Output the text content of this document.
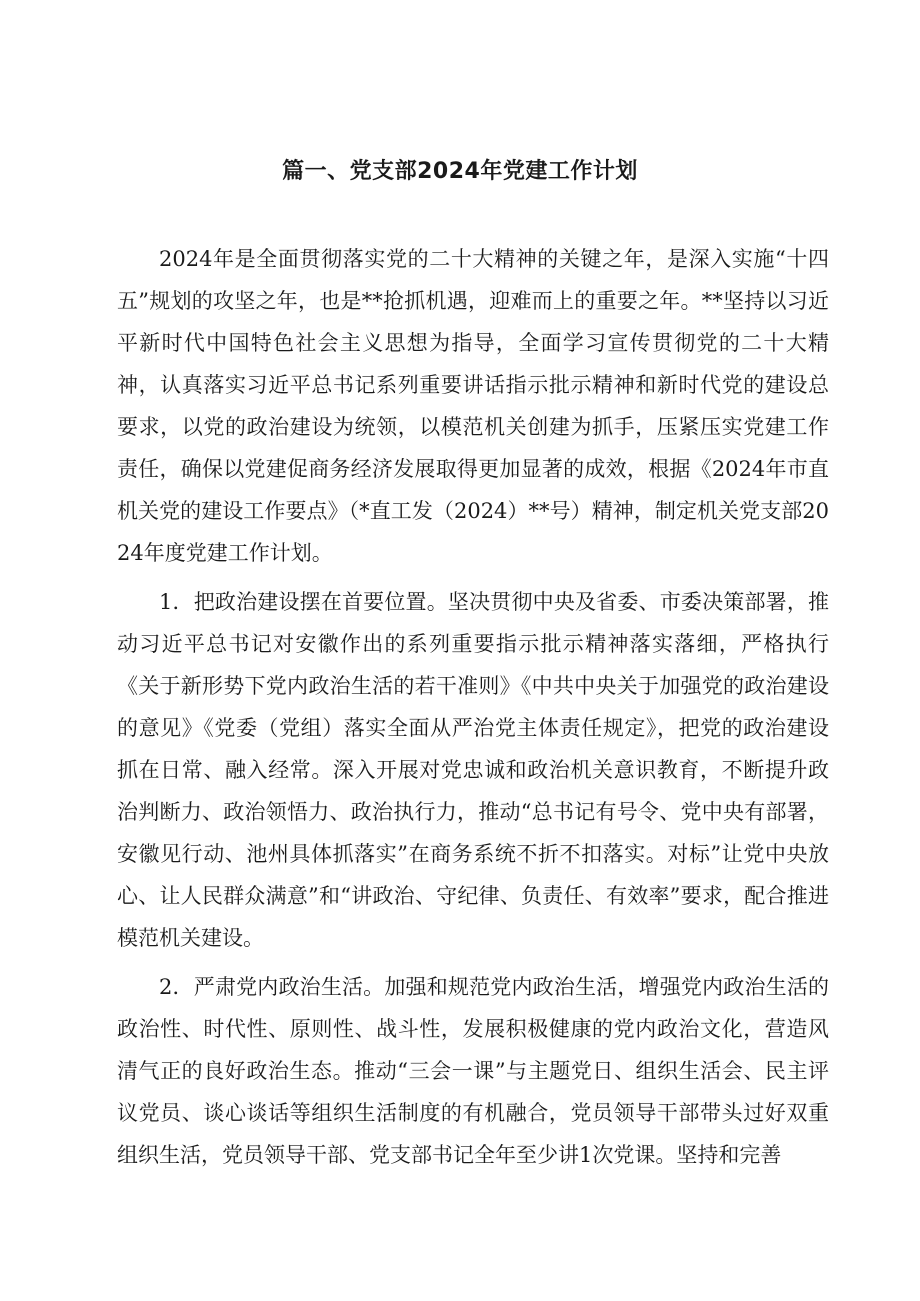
篇一、党支部2024年党建工作计划

2024年是全面贯彻落实党的二十大精神的关键之年，是深入实施“十四五”规划的攻坚之年，也是**抢抓机遇，迎难而上的重要之年。**坚持以习近平新时代中国特色社会主义思想为指导，全面学习宣传贯彻党的二十大精神，认真落实习近平总书记系列重要讲话指示批示精神和新时代党的建设总要求，以党的政治建设为统领，以模范机关创建为抓手，压紧压实党建工作责任，确保以党建促商务经济发展取得更加显著的成效，根据《2024年市直机关党的建设工作要点》（*直工发（2024）**号）精神，制定机关党支部2024年度党建工作计划。

1．把政治建设摆在首要位置。坚决贯彻中央及省委、市委决策部署，推动习近平总书记对安徽作出的系列重要指示批示精神落实落细，严格执行《关于新形势下党内政治生活的若干准则》《中共中央关于加强党的政治建设的意见》《党委（党组）落实全面从严治党主体责任规定》，把党的政治建设抓在日常、融入经常。深入开展对党忠诚和政治机关意识教育，不断提升政治判断力、政治领悟力、政治执行力，推动“总书记有号令、党中央有部署，安徽见行动、池州具体抓落实”在商务系统不折不扣落实。对标”让党中央放心、让人民群众满意”和“讲政治、守纪律、负责任、有效率”要求，配合推进模范机关建设。

2．严肃党内政治生活。加强和规范党内政治生活，增强党内政治生活的政治性、时代性、原则性、战斗性，发展积极健康的党内政治文化，营造风清气正的良好政治生态。推动“三会一课”与主题党日、组织生活会、民主评议党员、谈心谈话等组织生活制度的有机融合，党员领导干部带头过好双重组织生活，党员领导干部、党支部书记全年至少讲1次党课。坚持和完善
